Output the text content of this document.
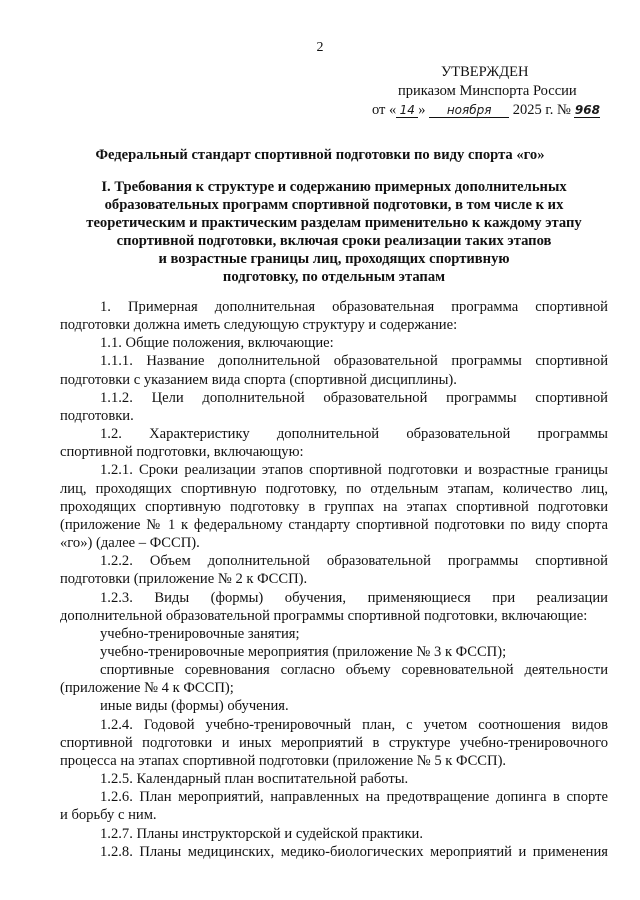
2
УТВЕРЖДЕН
приказом Минспорта России
от « 14 » ноября 2025 г. № 968
Федеральный стандарт спортивной подготовки по виду спорта «го»
I. Требования к структуре и содержанию примерных дополнительных
образовательных программ спортивной подготовки, в том числе к их
теоретическим и практическим разделам применительно к каждому этапу
спортивной подготовки, включая сроки реализации таких этапов
и возрастные границы лиц, проходящих спортивную
подготовку, по отдельным этапам
1. Примерная дополнительная образовательная программа спортивной
подготовки должна иметь следующую структуру и содержание:
1.1. Общие положения, включающие:
1.1.1. Название дополнительной образовательной программы спортивной
подготовки с указанием вида спорта (спортивной дисциплины).
1.1.2. Цели дополнительной образовательной программы спортивной
подготовки.
1.2. Характеристику дополнительной образовательной программы
спортивной подготовки, включающую:
1.2.1. Сроки реализации этапов спортивной подготовки и возрастные границы
лиц, проходящих спортивную подготовку, по отдельным этапам, количество лиц,
проходящих спортивную подготовку в группах на этапах спортивной подготовки
(приложение № 1 к федеральному стандарту спортивной подготовки по виду спорта
«го») (далее – ФССП).
1.2.2. Объем дополнительной образовательной программы спортивной
подготовки (приложение № 2 к ФССП).
1.2.3. Виды (формы) обучения, применяющиеся при реализации
дополнительной образовательной программы спортивной подготовки, включающие:
учебно-тренировочные занятия;
учебно-тренировочные мероприятия (приложение № 3 к ФССП);
спортивные соревнования согласно объему соревновательной деятельности
(приложение № 4 к ФССП);
иные виды (формы) обучения.
1.2.4. Годовой учебно-тренировочный план, с учетом соотношения видов
спортивной подготовки и иных мероприятий в структуре учебно-тренировочного
процесса на этапах спортивной подготовки (приложение № 5 к ФССП).
1.2.5. Календарный план воспитательной работы.
1.2.6. План мероприятий, направленных на предотвращение допинга в спорте
и борьбу с ним.
1.2.7. Планы инструкторской и судейской практики.
1.2.8. Планы медицинских, медико-биологических мероприятий и применения
